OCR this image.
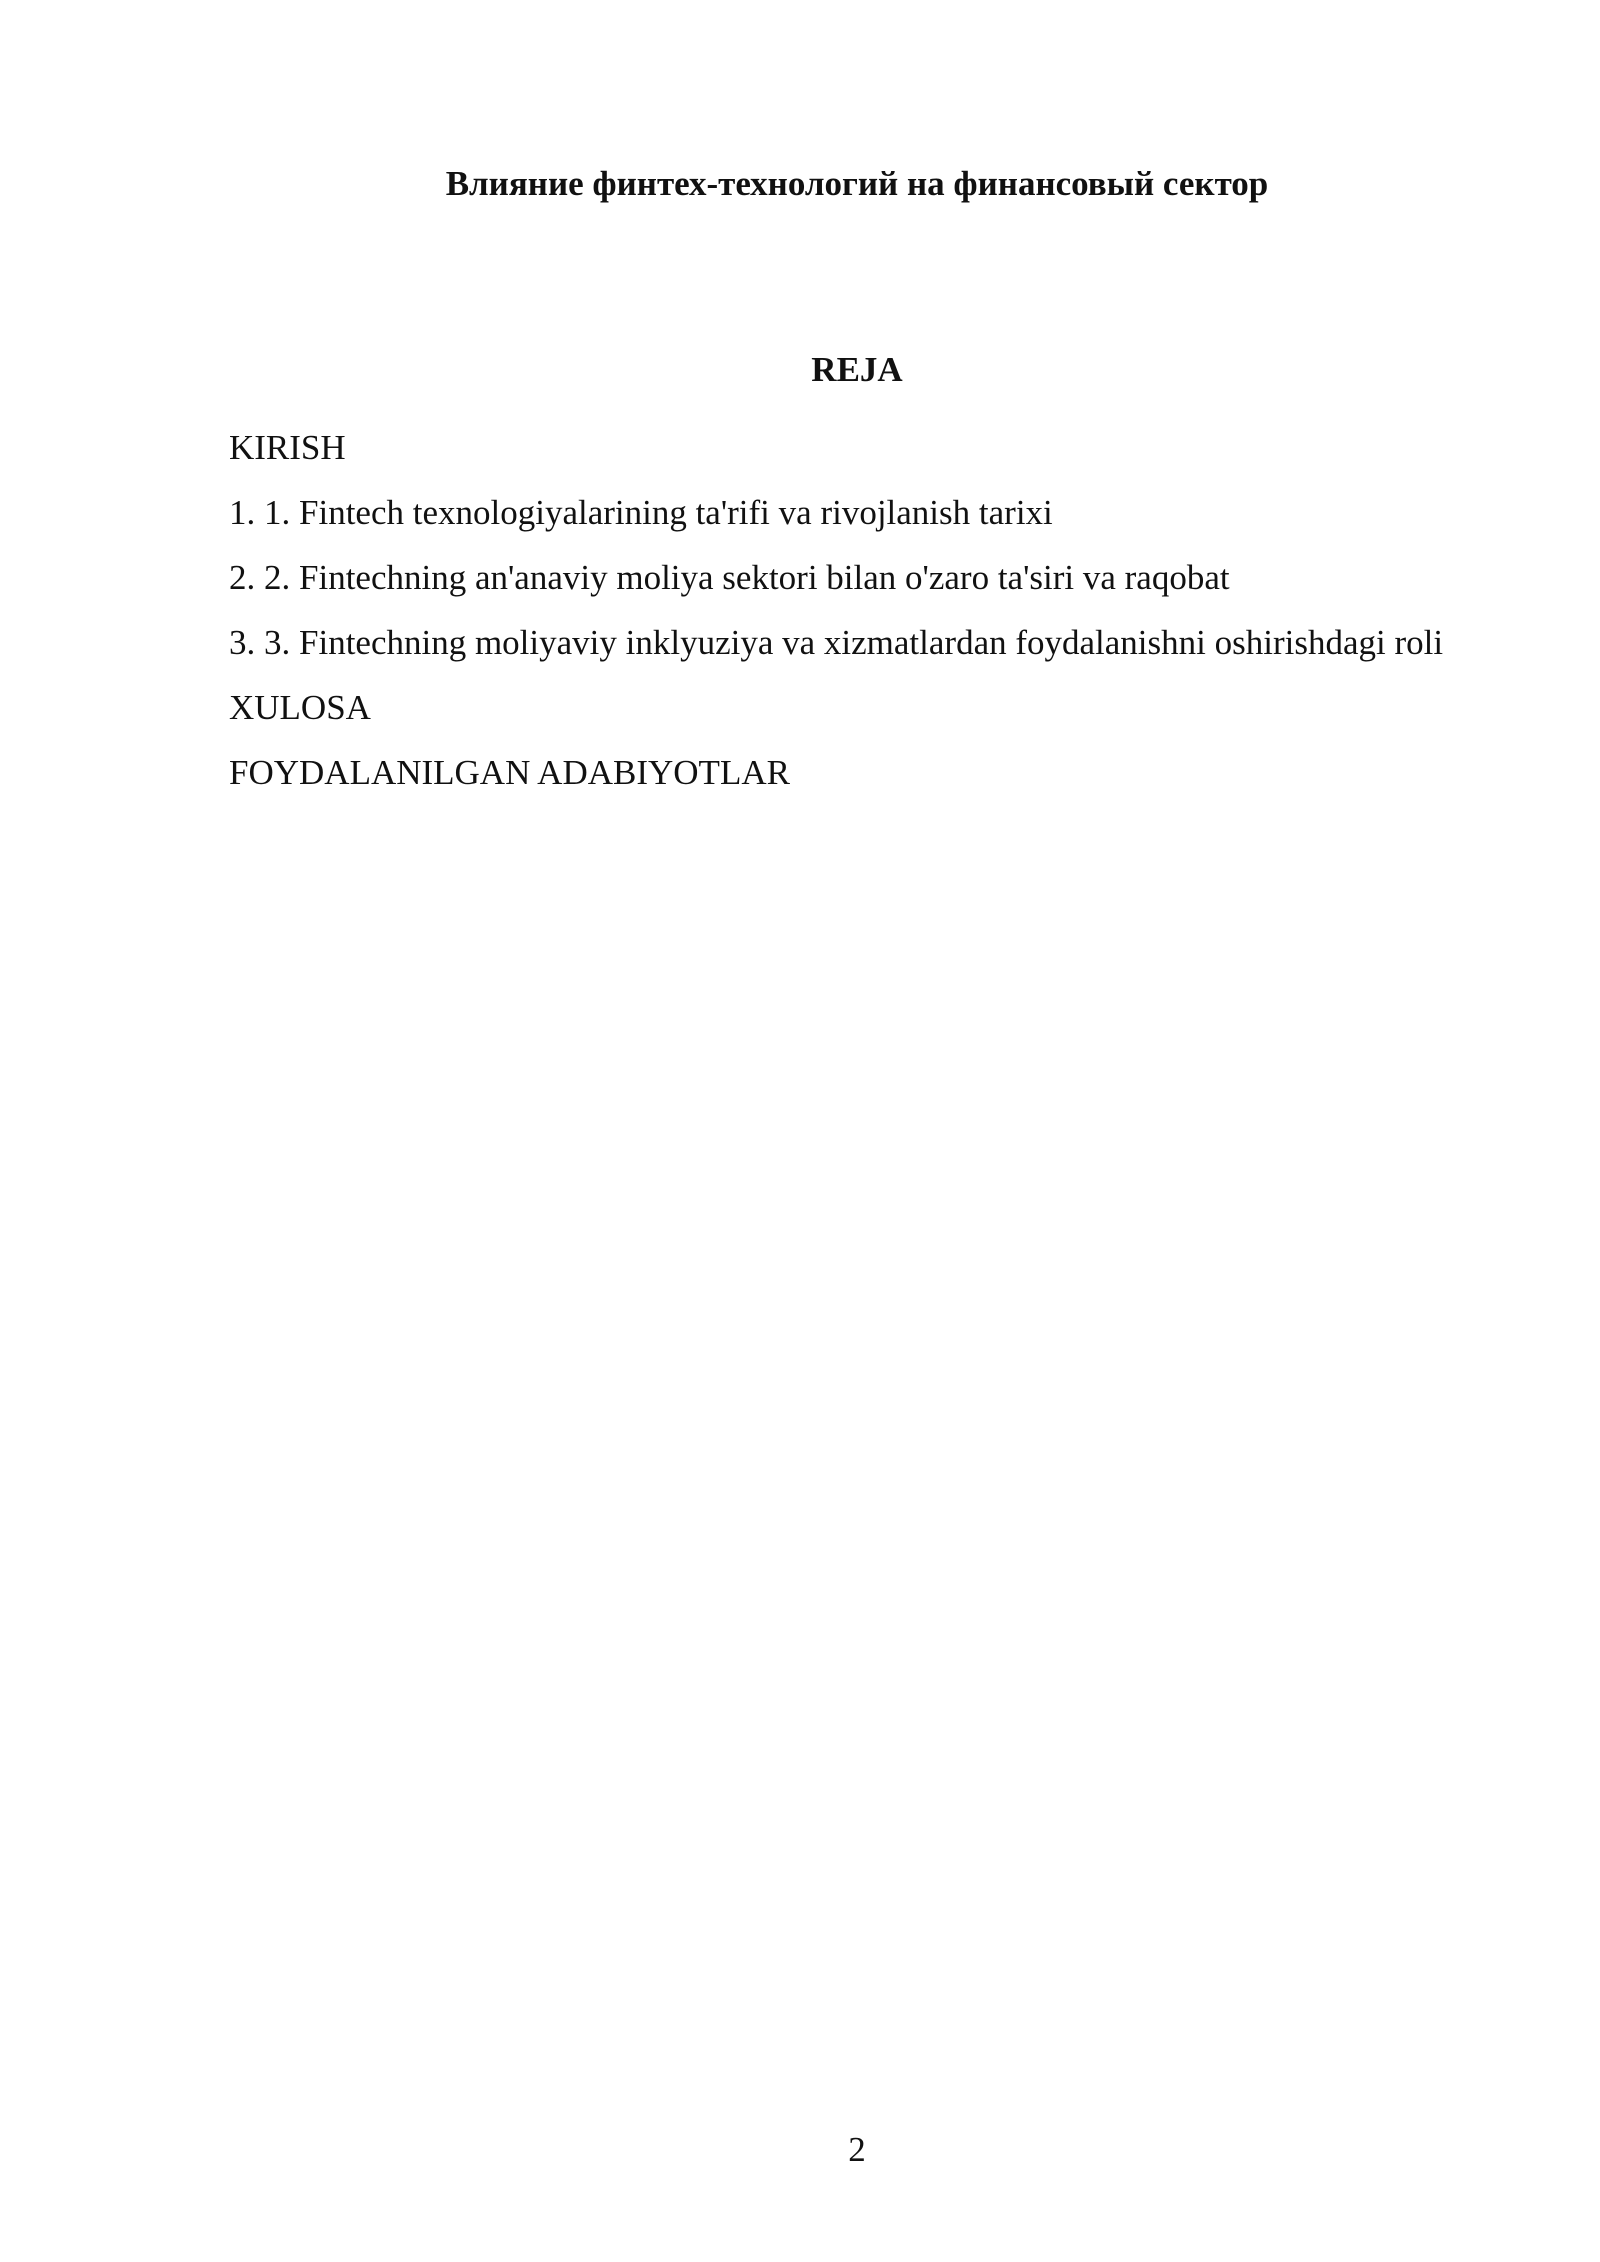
Влияние финтех-технологий на финансовый сектор
REJA
KIRISH
1. 1. Fintech texnologiyalarining ta'rifi va rivojlanish tarixi
2. 2. Fintechning an'anaviy moliya sektori bilan o'zaro ta'siri va raqobat
3. 3. Fintechning moliyaviy inklyuziya va xizmatlardan foydalanishni oshirishdagi roli
XULOSA
FOYDALANILGAN ADABIYOTLAR
2
